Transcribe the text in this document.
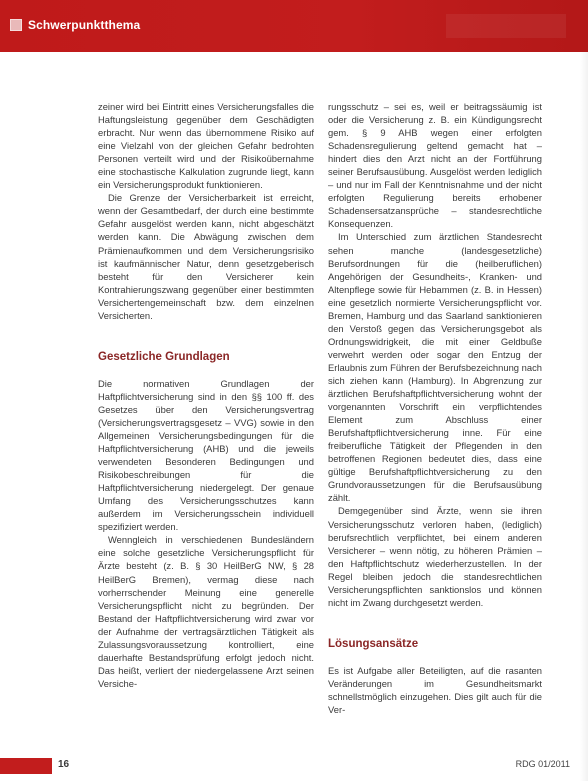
Schwerpunktthema

zeiner wird bei Eintritt eines Versicherungsfalles die Haftungsleistung gegenüber dem Geschädigten erbracht. Nur wenn das übernommene Risiko auf eine Vielzahl von der gleichen Gefahr bedrohten Personen verteilt wird und der Risikoübernahme eine stochastische Kalkulation zugrunde liegt, kann ein Versicherungsprodukt funktionieren.

Die Grenze der Versicherbarkeit ist erreicht, wenn der Gesamtbedarf, der durch eine bestimmte Gefahr ausgelöst werden kann, nicht abgeschätzt werden kann. Die Abwägung zwischen dem Prämienaufkommen und dem Versicherungsrisiko ist kaufmännischer Natur, denn gesetzgeberisch besteht für den Versicherer kein Kontrahierungszwang gegenüber einer bestimmten Versichertengemeinschaft bzw. dem einzelnen Versicherten.

Gesetzliche Grundlagen

Die normativen Grundlagen der Haftpflichtversicherung sind in den §§ 100 ff. des Gesetzes über den Versicherungsvertrag (Versicherungsvertragsgesetz – VVG) sowie in den Allgemeinen Versicherungsbedingungen für die Haftpflichtversicherung (AHB) und die jeweils verwendeten Besonderen Bedingungen und Risikobeschreibungen für die Haftpflichtversicherung niedergelegt. Der genaue Umfang des Versicherungsschutzes kann außerdem im Versicherungsschein individuell spezifiziert werden.

Wenngleich in verschiedenen Bundesländern eine solche gesetzliche Versicherungspflicht für Ärzte besteht (z. B. § 30 HeilBerG NW, § 28 HeilBerG Bremen), vermag diese nach vorherrschender Meinung eine generelle Versicherungspflicht nicht zu begründen. Der Bestand der Haftpflichtversicherung wird zwar vor der Aufnahme der vertragsärztlichen Tätigkeit als Zulassungsvoraussetzung kontrolliert, eine dauerhafte Bestandsprüfung erfolgt jedoch nicht. Das heißt, verliert der niedergelassene Arzt seinen Versiche-

rungsschutz – sei es, weil er beitragssäumig ist oder die Versicherung z. B. ein Kündigungsrecht gem. § 9 AHB wegen einer erfolgten Schadensregulierung geltend gemacht hat – hindert dies den Arzt nicht an der Fortführung seiner Berufsausübung. Ausgelöst werden lediglich – und nur im Fall der Kenntnisnahme und der nicht erfolgten Regulierung bereits erhobener Schadensersatzansprüche – standesrechtliche Konsequenzen.

Im Unterschied zum ärztlichen Standesrecht sehen manche (landesgesetzliche) Berufsordnungen für die (heilberuflichen) Angehörigen der Gesundheits-, Kranken- und Altenpflege sowie für Hebammen (z. B. in Hessen) eine gesetzlich normierte Versicherungspflicht vor. Bremen, Hamburg und das Saarland sanktionieren den Verstoß gegen das Versicherungsgebot als Ordnungswidrigkeit, die mit einer Geldbuße verwehrt werden oder sogar den Entzug der Erlaubnis zum Führen der Berufsbezeichnung nach sich ziehen kann (Hamburg). In Abgrenzung zur ärztlichen Berufshaftpflichtversicherung wohnt der vorgenannten Vorschrift ein verpflichtendes Element zum Abschluss einer Berufshaftpflichtversicherung inne. Für eine freiberufliche Tätigkeit der Pflegenden in den betroffenen Regionen bedeutet dies, dass eine gültige Berufshaftpflichtversicherung zu den Grundvoraussetzungen für die Berufsausübung zählt.

Demgegenüber sind Ärzte, wenn sie ihren Versicherungsschutz verloren haben, (lediglich) berufsrechtlich verpflichtet, bei einem anderen Versicherer – wenn nötig, zu höheren Prämien – den Haftpflichtschutz wiederherzustellen. In der Regel bleiben jedoch die standesrechtlichen Versicherungspflichten sanktionslos und können nicht im Zwang durchgesetzt werden.

Lösungsansätze

Es ist Aufgabe aller Beteiligten, auf die rasanten Veränderungen im Gesundheitsmarkt schnellstmöglich einzugehen. Dies gilt auch für die Ver-

16	RDG 01/2011
